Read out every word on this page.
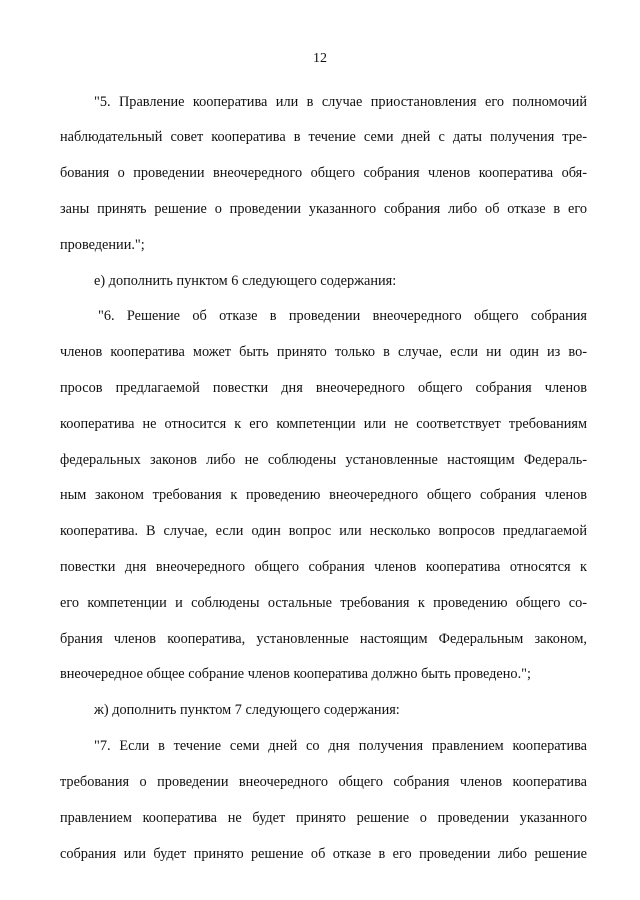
12
"5. Правление кооператива или в случае приостановления его полномочий
наблюдательный совет кооператива в течение семи дней с даты получения тре-
бования о проведении внеочередного общего собрания членов кооператива обя-
заны принять решение о проведении указанного собрания либо об отказе в его
проведении.";
е) дополнить пунктом 6 следующего содержания:
"6. Решение об отказе в проведении внеочередного общего собрания
членов кооператива может быть принято только в случае, если ни один из во-
просов предлагаемой повестки дня внеочередного общего собрания членов
кооператива не относится к его компетенции или не соответствует требованиям
федеральных законов либо не соблюдены установленные настоящим Федераль-
ным законом требования к проведению внеочередного общего собрания членов
кооператива. В случае, если один вопрос или несколько вопросов предлагаемой
повестки дня внеочередного общего собрания членов кооператива относятся к
его компетенции и соблюдены остальные требования к проведению общего со-
брания членов кооператива, установленные настоящим Федеральным законом,
внеочередное общее собрание членов кооператива должно быть проведено.";
ж) дополнить пунктом 7 следующего содержания:
"7. Если в течение семи дней со дня получения правлением кооператива
требования о проведении внеочередного общего собрания членов кооператива
правлением кооператива не будет принято решение о проведении указанного
собрания или будет принято решение об отказе в его проведении либо решение
